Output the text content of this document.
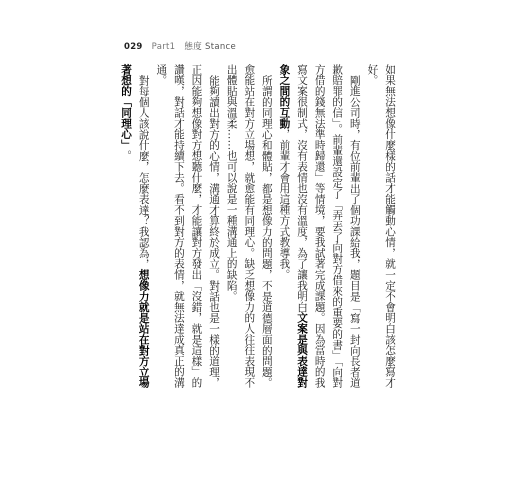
029 Part1 態度 Stance

如果無法想像什麼樣的話才能觸動心情，就一定不會明白該怎麼寫才好。

剛進公司時，有位前輩出了個功課給我，題目是「寫一封向長者道歉賠罪的信」。前輩還設定了「弄丟了向對方借來的重要的書」「向對方借的錢無法準時歸還」等情境，要我試著完成課題。因為當時的我寫文案很制式，沒有表情也沒有溫度，為了讓我明白文案是與表達對象之間的互動，前輩才會用這種方式教導我。

所謂的同理心和體貼，都是想像力的問題，不是道德層面的問題。愈能站在對方立場想，就愈能有同理心。缺乏想像力的人往往表現不出體貼與溫柔……也可以說是一種溝通上的缺陷。

能夠讀出對方的心情，溝通才算終於成立。對話也是一樣的道理，正因能夠想像對方想聽什麼，才能讓對方發出「沒錯，就是這樣」的讚嘆，對話才能持續下去。看不到對方的表情，就無法達成真正的溝通。

對每個人該說什麼，怎麼表達？我認為，想像力就是站在對方立場著想的「同理心」。
